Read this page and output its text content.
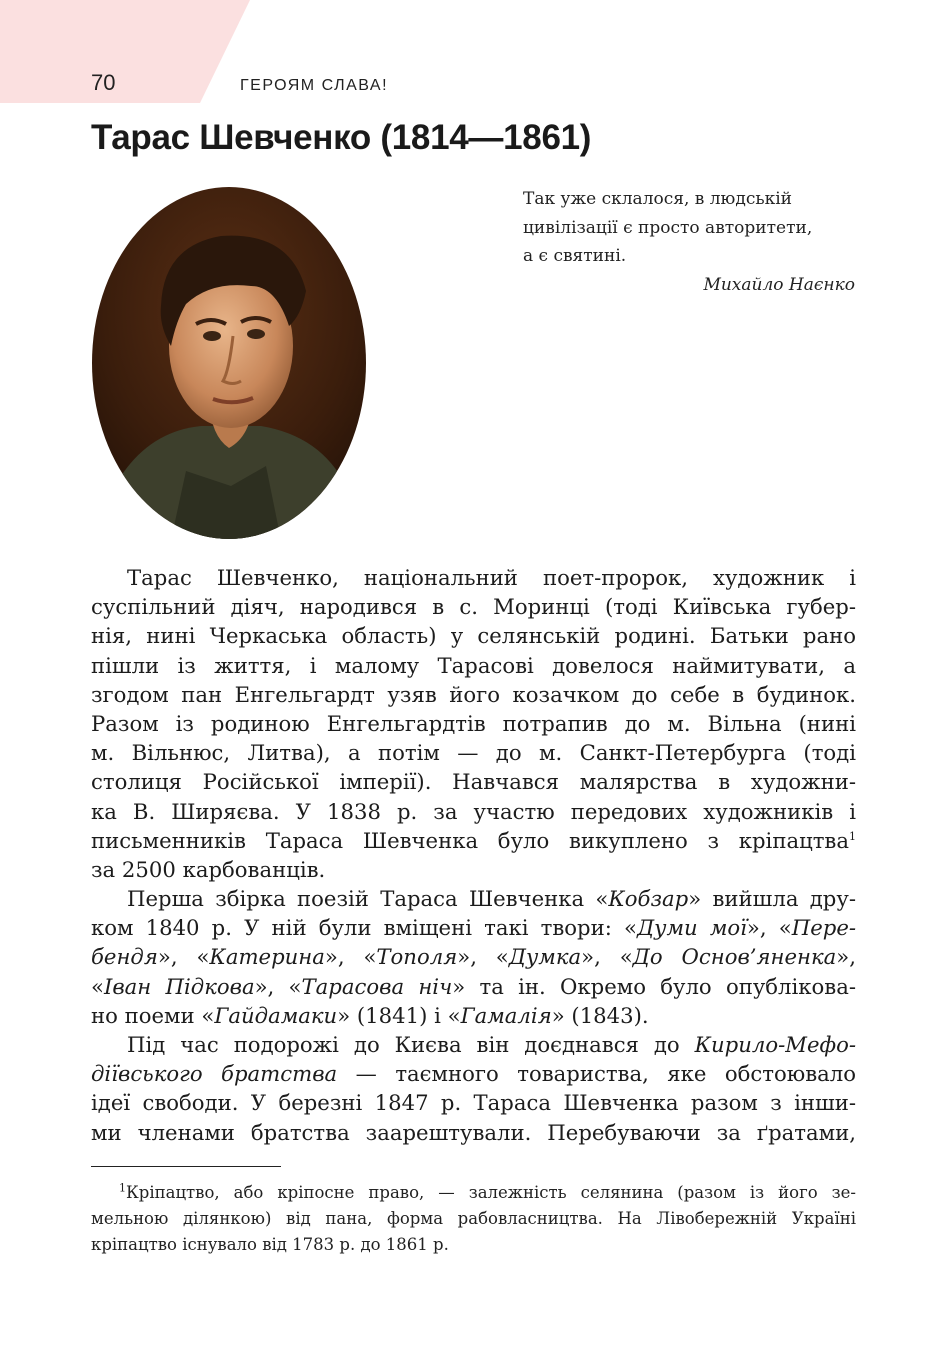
70	ГЕРОЯМ СЛАВА!
Тарас Шевченко (1814—1861)
Так уже склалося, в людській
цивілізації є просто авторитети,
а є святині.
Михайло Наєнко
Тарас Шевченко, національний поет-пророк, художник і
суспільний діяч, народився в с. Моринці (тоді Київська губер-
нія, нині Черкаська область) у селянській родині. Батьки рано
пішли із життя, і малому Тарасові довелося наймитувати, а
згодом пан Енгельгардт узяв його козачком до себе в будинок.
Разом із родиною Енгельгардтів потрапив до м. Вільна (нині
м. Вільнюс, Литва), а потім — до м. Санкт-Петербурга (тоді
столиця Російської імперії). Навчався малярства в художни-
ка В. Ширяєва. У 1838 р. за участю передових художників і
письменників Тараса Шевченка було викуплено з кріпацтва$^1$
за 2500 карбованців.
Перша збірка поезій Тараса Шевченка «Кобзар» вийшла дру-
ком 1840 р. У ній були вміщені такі твори: «Думи мої», «Пере-
бендя», «Катерина», «Тополя», «Думка», «До Основ’яненка»,
«Іван Підкова», «Тарасова ніч» та ін. Окремо було опубліковa-
но поеми «Гайдамаки» (1841) і «Гамалія» (1843).
Під час подорожі до Києва він доєднався до Кирило-Мефо-
діївського братства — таємного товариства, яке обстоювало
ідеї свободи. У березні 1847 р. Тараса Шевченка разом з інши-
ми членами братства заарештували. Перебуваючи за ґратами,
$^1$Кріпацтво, або кріпосне право, — залежність селянина (разом із його зе-
мельною ділянкою) від пана, форма рабовласництва. На Лівобережній Україні
кріпацтво існувало від 1783 р. до 1861 р.
